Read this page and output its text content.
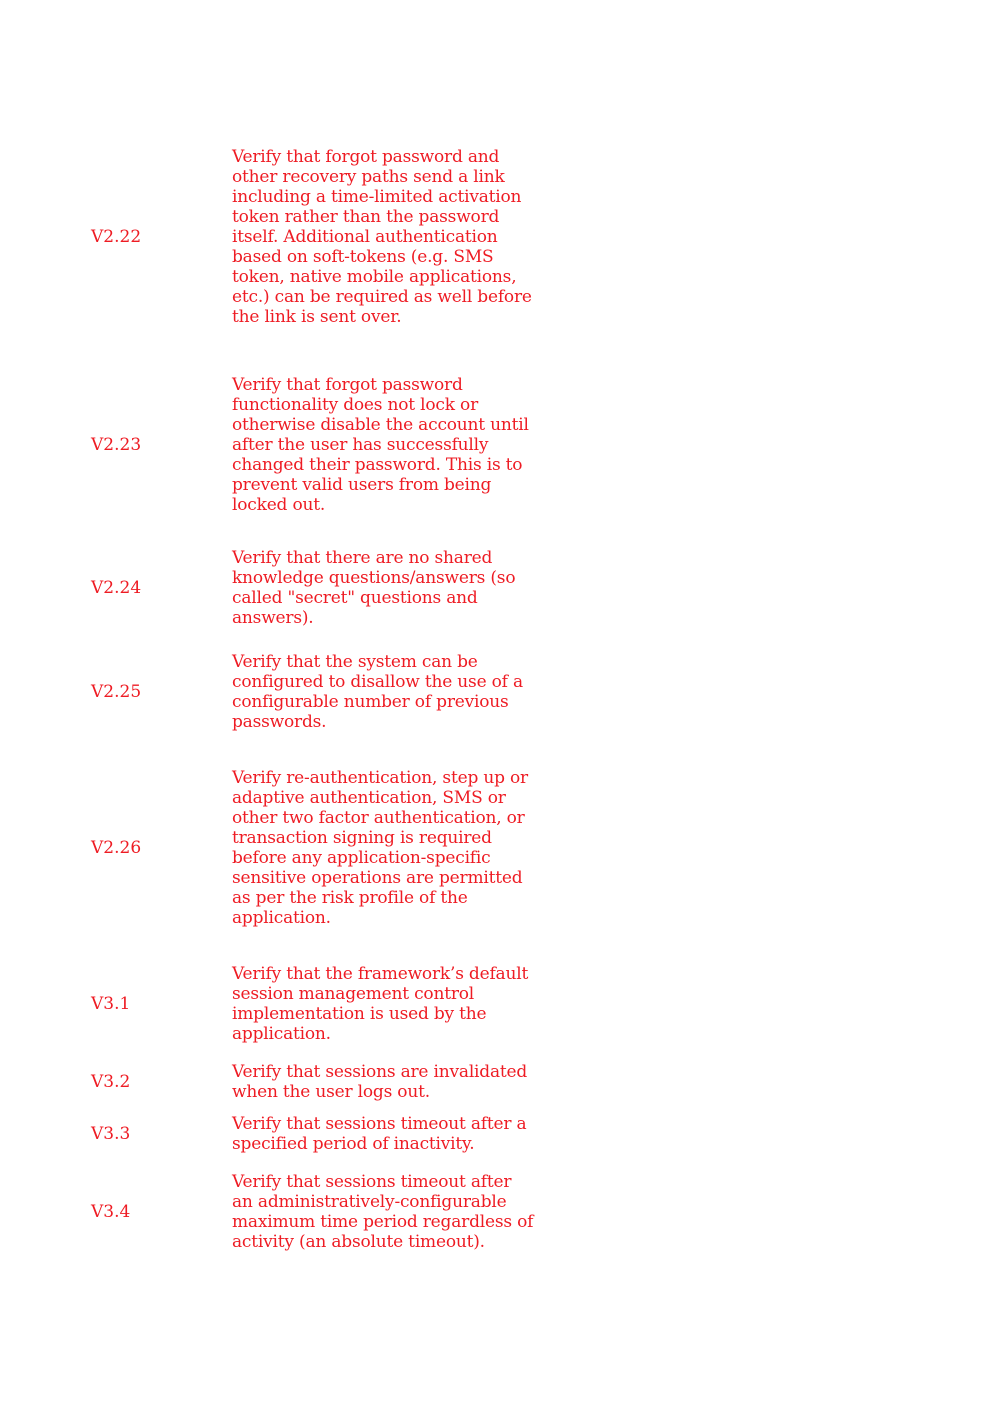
V2.22
Verify that forgot password and
other recovery paths send a link
including a time-limited activation
token rather than the password
itself. Additional authentication
based on soft-tokens (e.g. SMS
token, native mobile applications,
etc.) can be required as well before
the link is sent over.
V2.23
Verify that forgot password
functionality does not lock or
otherwise disable the account until
after the user has successfully
changed their password. This is to
prevent valid users from being
locked out.
V2.24
Verify that there are no shared
knowledge questions/answers (so
called "secret" questions and
answers).
V2.25
Verify that the system can be
configured to disallow the use of a
configurable number of previous
passwords.
V2.26
Verify re-authentication, step up or
adaptive authentication, SMS or
other two factor authentication, or
transaction signing is required
before any application-specific
sensitive operations are permitted
as per the risk profile of the
application.
V3.1
Verify that the framework’s default
session management control
implementation is used by the
application.
V3.2	Verify that sessions are invalidated
when the user logs out.
V3.3	Verify that sessions timeout after a
specified period of inactivity.
V3.4
Verify that sessions timeout after
an administratively-configurable
maximum time period regardless of
activity (an absolute timeout).
